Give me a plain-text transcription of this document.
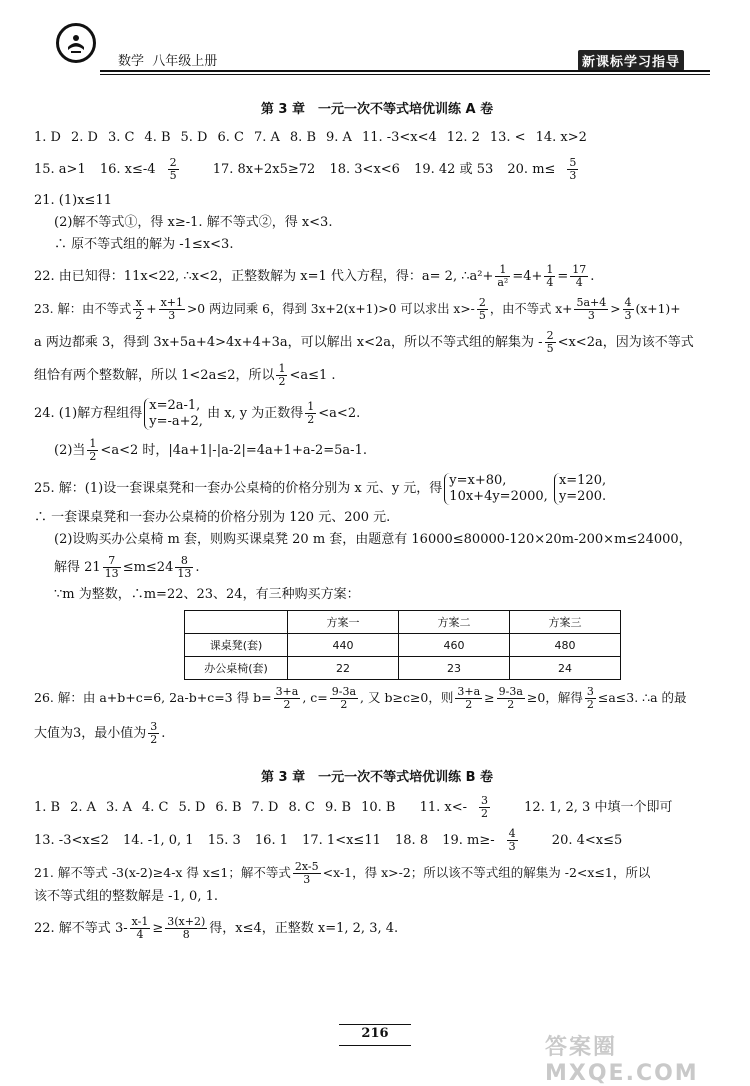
数学 八年级上册	新课标学习指导
第 3 章　一元一次不等式培优训练 A 卷
1. D 2. D 3. C 4. B 5. D 6. C 7. A 8. B 9. A 11. -3<x<4 12. 2 13. < 14. x>2
15. a>1 16. $x\le-4 \frac{2}{5} 17$. 8x+2x5≥72 18. 3<x<6 19. 42 或 53 20. $m\le \frac{5}{3}$
21. (1)x≤11
(2)解不等式①，得 x≥-1. 解不等式②，得 x<3.
∴ 原不等式组的解为 -1≤x<3.
22. 由已知得：11x<22, ∴x<2，正整数解为 x=1 代入方程，得：a= 2, ∴a²+ $\frac{1}{\text{a²}} =4+ \frac{1}{4} = \frac{17}{4}$ .
23. 解：由不等式 $\frac{x}{2} + \frac{x+1}{3} >0$ 两边同乘 6，得到 3x+2(x+1)>0 可以求出 $x>- \frac{2}{5}$ ，由不等式 $x+ \frac{5a+4}{3} > \frac{4}{3} (x+1)+$
a 两边都乘 3，得到 3x+5a+4>4x+4+3a，可以解出 x<2a，所以不等式组的解集为 - $\frac{2}{5} <x<2a$，因为该不等式
组恰有两个整数解，所以 1<2a≤2，所以 $\frac{1}{2} <a\le 1$ .
24. (1)解方程组得
x=2a-1,
y=-a+2, 由 x, y 为正数得 $\frac{1}{2} <a<2$.
(2)当 $\frac{1}{2} <a<2$ 时，|4a+1|-|a-2|=4a+1+a-2=5a-1.
25. 解：(1)设一套课桌凳和一套办公桌椅的价格分别为 x 元、y 元，得
y=x+80,
10x+4y=2000,

x=120,
y=200.
∴ 一套课桌凳和一套办公桌椅的价格分别为 120 元、200 元.
(2)设购买办公桌椅 m 套，则购买课桌凳 20 m 套，由题意有 16000≤80000-120×20m-200×m≤24000，
解得 $21 \frac{7}{13} \le m\le 24 \frac{8}{13}$ .
∵m 为整数，∴m=22、23、24，有三种购买方案：
	方案一	方案二	方案三
课桌凳(套)	440	460	480
办公桌椅(套)	22	23	24
26. 解：由 a+b+c=6, 2a-b+c=3 得 $b= \frac{3+a}{2}$ , $c= \frac{9-3a}{2}$ , 又 b≥c≥0，则 $\frac{3+a}{2} \ge \frac{9-3a}{2} \ge 0$，解得 $\frac{3}{2} \le a\le 3$. ∴a 的最
大值为3，最小值为 $\frac{3}{2}$ .
第 3 章　一元一次不等式培优训练 B 卷
1. B 2. A 3. A 4. C 5. D 6. B 7. D 8. C 9. B 10. B 11. $x<- \frac{3}{2} 12$. 1, 2, 3 中填一个即可
13. -3<x≤2 14. -1, 0, 1 15. 3 16. 1 17. 1<x≤11 18. 8 19. $m\ge- \frac{4}{3} 20$. 4<x≤5
21. 解不等式 -3(x-2)≥4-x 得 x≤1；解不等式 $\frac{2x-5}{3} <x-1$，得 x>-2；所以该不等式组的解集为 -2<x≤1，所以
该不等式组的整数解是 -1, 0, 1.
22. 解不等式 $3- \frac{x-1}{4} \ge \frac{3(x+2)}{8}$ 得，x≤4，正整数 x=1, 2, 3, 4.
216
答案圈 MXQE.COM
